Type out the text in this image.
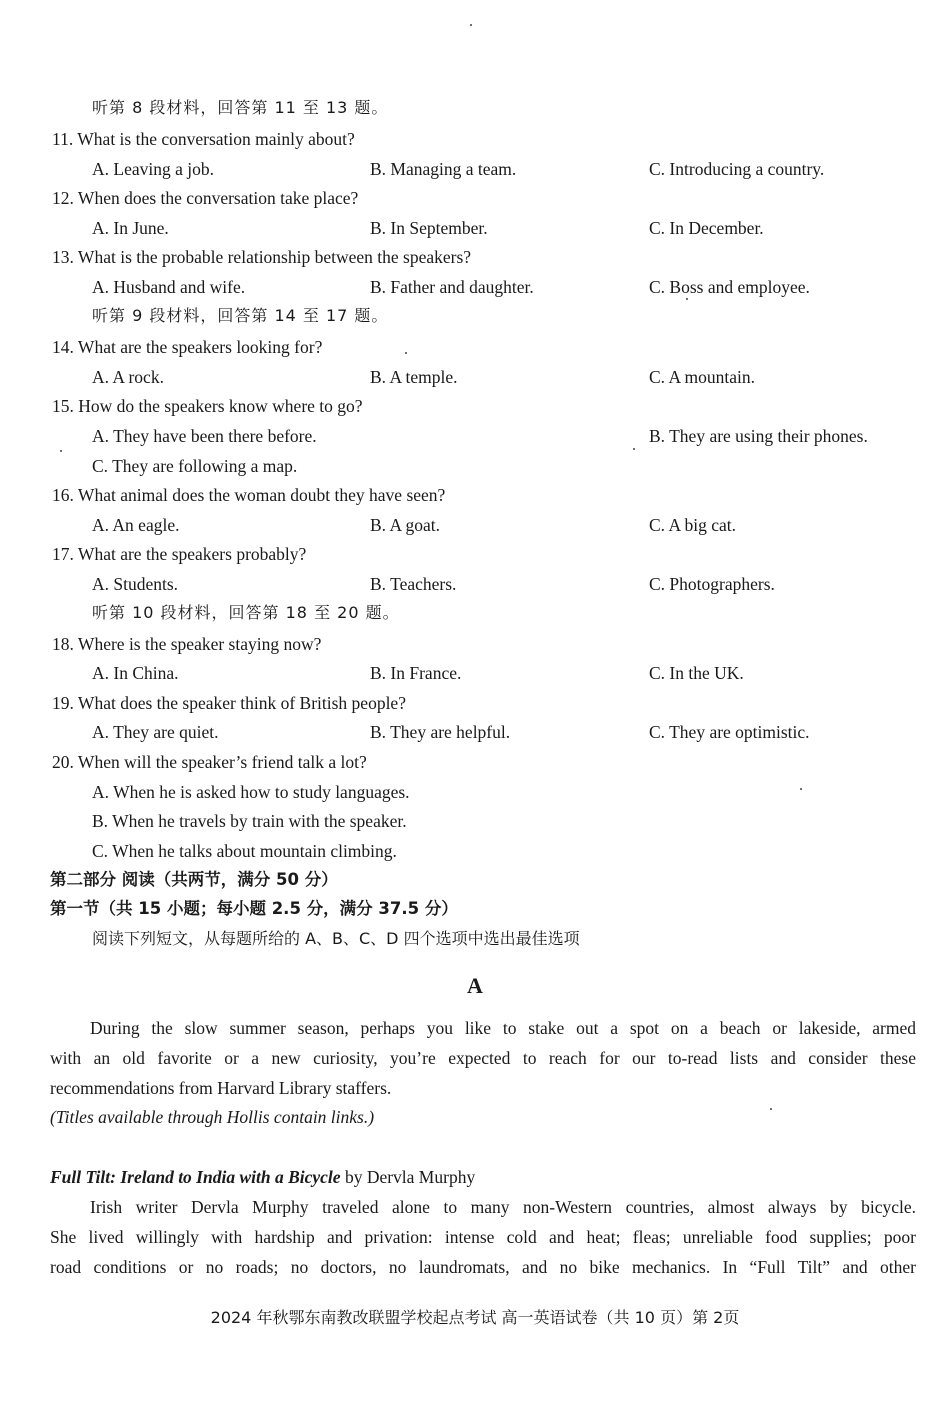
听第 8 段材料，回答第 11 至 13 题。
11. What is the conversation mainly about?
A. Leaving a job.	B. Managing a team.	C. Introducing a country.
12. When does the conversation take place?
A. In June.	B. In September.	C. In December.
13. What is the probable relationship between the speakers?
A. Husband and wife.	B. Father and daughter.	C. Boss and employee.
听第 9 段材料，回答第 14 至 17 题。
14. What are the speakers looking for?
A. A rock.	B. A temple.	C. A mountain.
15. How do the speakers know where to go?
A. They have been there before.	B. They are using their phones.
C. They are following a map.
16. What animal does the woman doubt they have seen?
A. An eagle.	B. A goat.	C. A big cat.
17. What are the speakers probably?
A. Students.	B. Teachers.	C. Photographers.
听第 10 段材料，回答第 18 至 20 题。
18. Where is the speaker staying now?
A. In China.	B. In France.	C. In the UK.
19. What does the speaker think of British people?
A. They are quiet.	B. They are helpful.	C. They are optimistic.
20. When will the speaker’s friend talk a lot?
A. When he is asked how to study languages.
B. When he travels by train with the speaker.
C. When he talks about mountain climbing.
第二部分 阅读（共两节，满分 50 分）
第一节（共 15 小题；每小题 2.5 分，满分 37.5 分）
阅读下列短文，从每题所给的 A、B、C、D 四个选项中选出最佳选项
A
During the slow summer season, perhaps you like to stake out a spot on a beach or lakeside, armed
with an old favorite or a new curiosity, you’re expected to reach for our to-read lists and consider these
recommendations from Harvard Library staffers.
(Titles available through Hollis contain links.)
Full Tilt: Ireland to India with a Bicycle by Dervla Murphy
Irish writer Dervla Murphy traveled alone to many non-Western countries, almost always by bicycle.
She lived willingly with hardship and privation: intense cold and heat; fleas; unreliable food supplies; poor
road conditions or no roads; no doctors, no laundromats, and no bike mechanics. In “Full Tilt” and other
2024 年秋鄂东南教改联盟学校起点考试 高一英语试卷（共 10 页）第 2页
